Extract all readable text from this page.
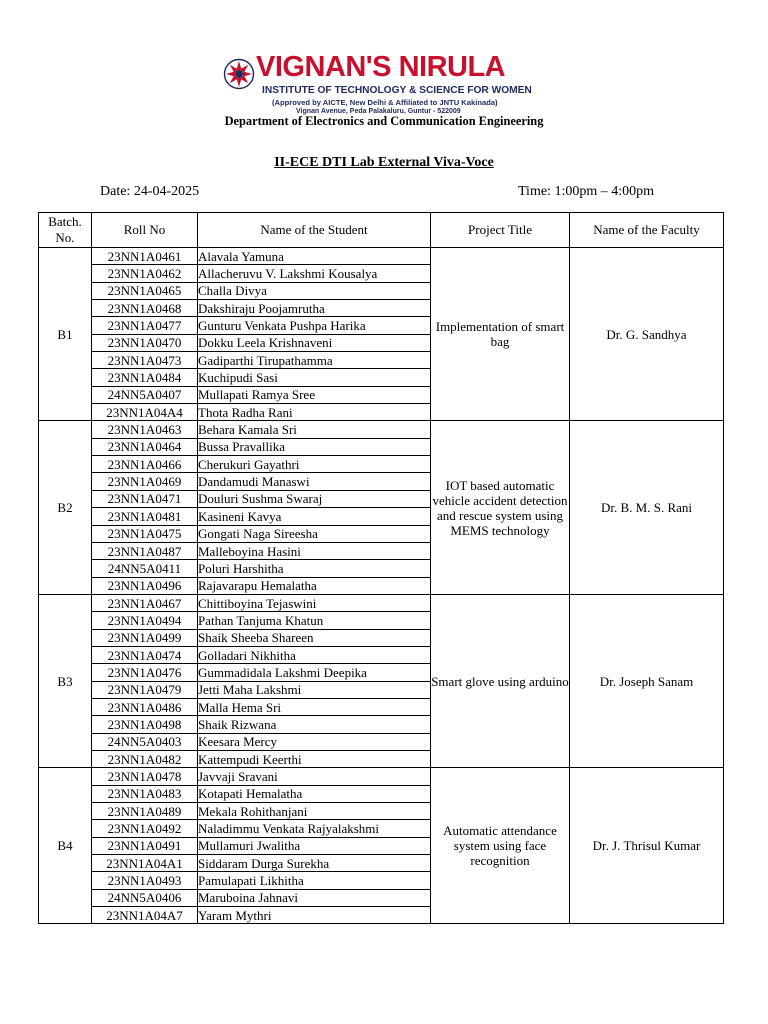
VIGNAN'S NIRULA
INSTITUTE OF TECHNOLOGY & SCIENCE FOR WOMEN
(Approved by AICTE, New Delhi & Affiliated to JNTU Kakinada)
Vignan Avenue, Peda Palakaluru, Guntur - 522009
Department of Electronics and Communication Engineering
II-ECE DTI Lab External Viva-Voce
Date: 24-04-2025	Time: 1:00pm – 4:00pm
Batch. No.	Roll No	Name of the Student	Project Title	Name of the Faculty
B1	23NN1A0461	Alavala Yamuna	Implementation of smart bag	Dr. G. Sandhya
	23NN1A0462	Allacheruvu V. Lakshmi Kousalya		
	23NN1A0465	Challa Divya		
	23NN1A0468	Dakshiraju Poojamrutha		
	23NN1A0477	Gunturu Venkata Pushpa Harika		
	23NN1A0470	Dokku Leela Krishnaveni		
	23NN1A0473	Gadiparthi Tirupathamma		
	23NN1A0484	Kuchipudi Sasi		
	24NN5A0407	Mullapati Ramya Sree		
	23NN1A04A4	Thota Radha Rani		
B2	23NN1A0463	Behara Kamala Sri	IOT based automatic vehicle accident detection and rescue system using MEMS technology	Dr. B. M. S. Rani
	23NN1A0464	Bussa Pravallika		
	23NN1A0466	Cherukuri Gayathri		
	23NN1A0469	Dandamudi Manaswi		
	23NN1A0471	Douluri Sushma Swaraj		
	23NN1A0481	Kasineni Kavya		
	23NN1A0475	Gongati Naga Sireesha		
	23NN1A0487	Malleboyina Hasini		
	24NN5A0411	Poluri Harshitha		
	23NN1A0496	Rajavarapu Hemalatha		
B3	23NN1A0467	Chittiboyina Tejaswini	Smart glove using arduino	Dr. Joseph Sanam
	23NN1A0494	Pathan Tanjuma Khatun		
	23NN1A0499	Shaik Sheeba Shareen		
	23NN1A0474	Golladari Nikhitha		
	23NN1A0476	Gummadidala Lakshmi Deepika		
	23NN1A0479	Jetti Maha Lakshmi		
	23NN1A0486	Malla Hema Sri		
	23NN1A0498	Shaik Rizwana		
	24NN5A0403	Keesara Mercy		
	23NN1A0482	Kattempudi Keerthi		
B4	23NN1A0478	Javvaji Sravani	Automatic attendance system using face recognition	Dr. J. Thrisul Kumar
	23NN1A0483	Kotapati Hemalatha		
	23NN1A0489	Mekala Rohithanjani		
	23NN1A0492	Naladimmu Venkata Rajyalakshmi		
	23NN1A0491	Mullamuri Jwalitha		
	23NN1A04A1	Siddaram Durga Surekha		
	23NN1A0493	Pamulapati Likhitha		
	24NN5A0406	Maruboina Jahnavi		
	23NN1A04A7	Yaram Mythri		
